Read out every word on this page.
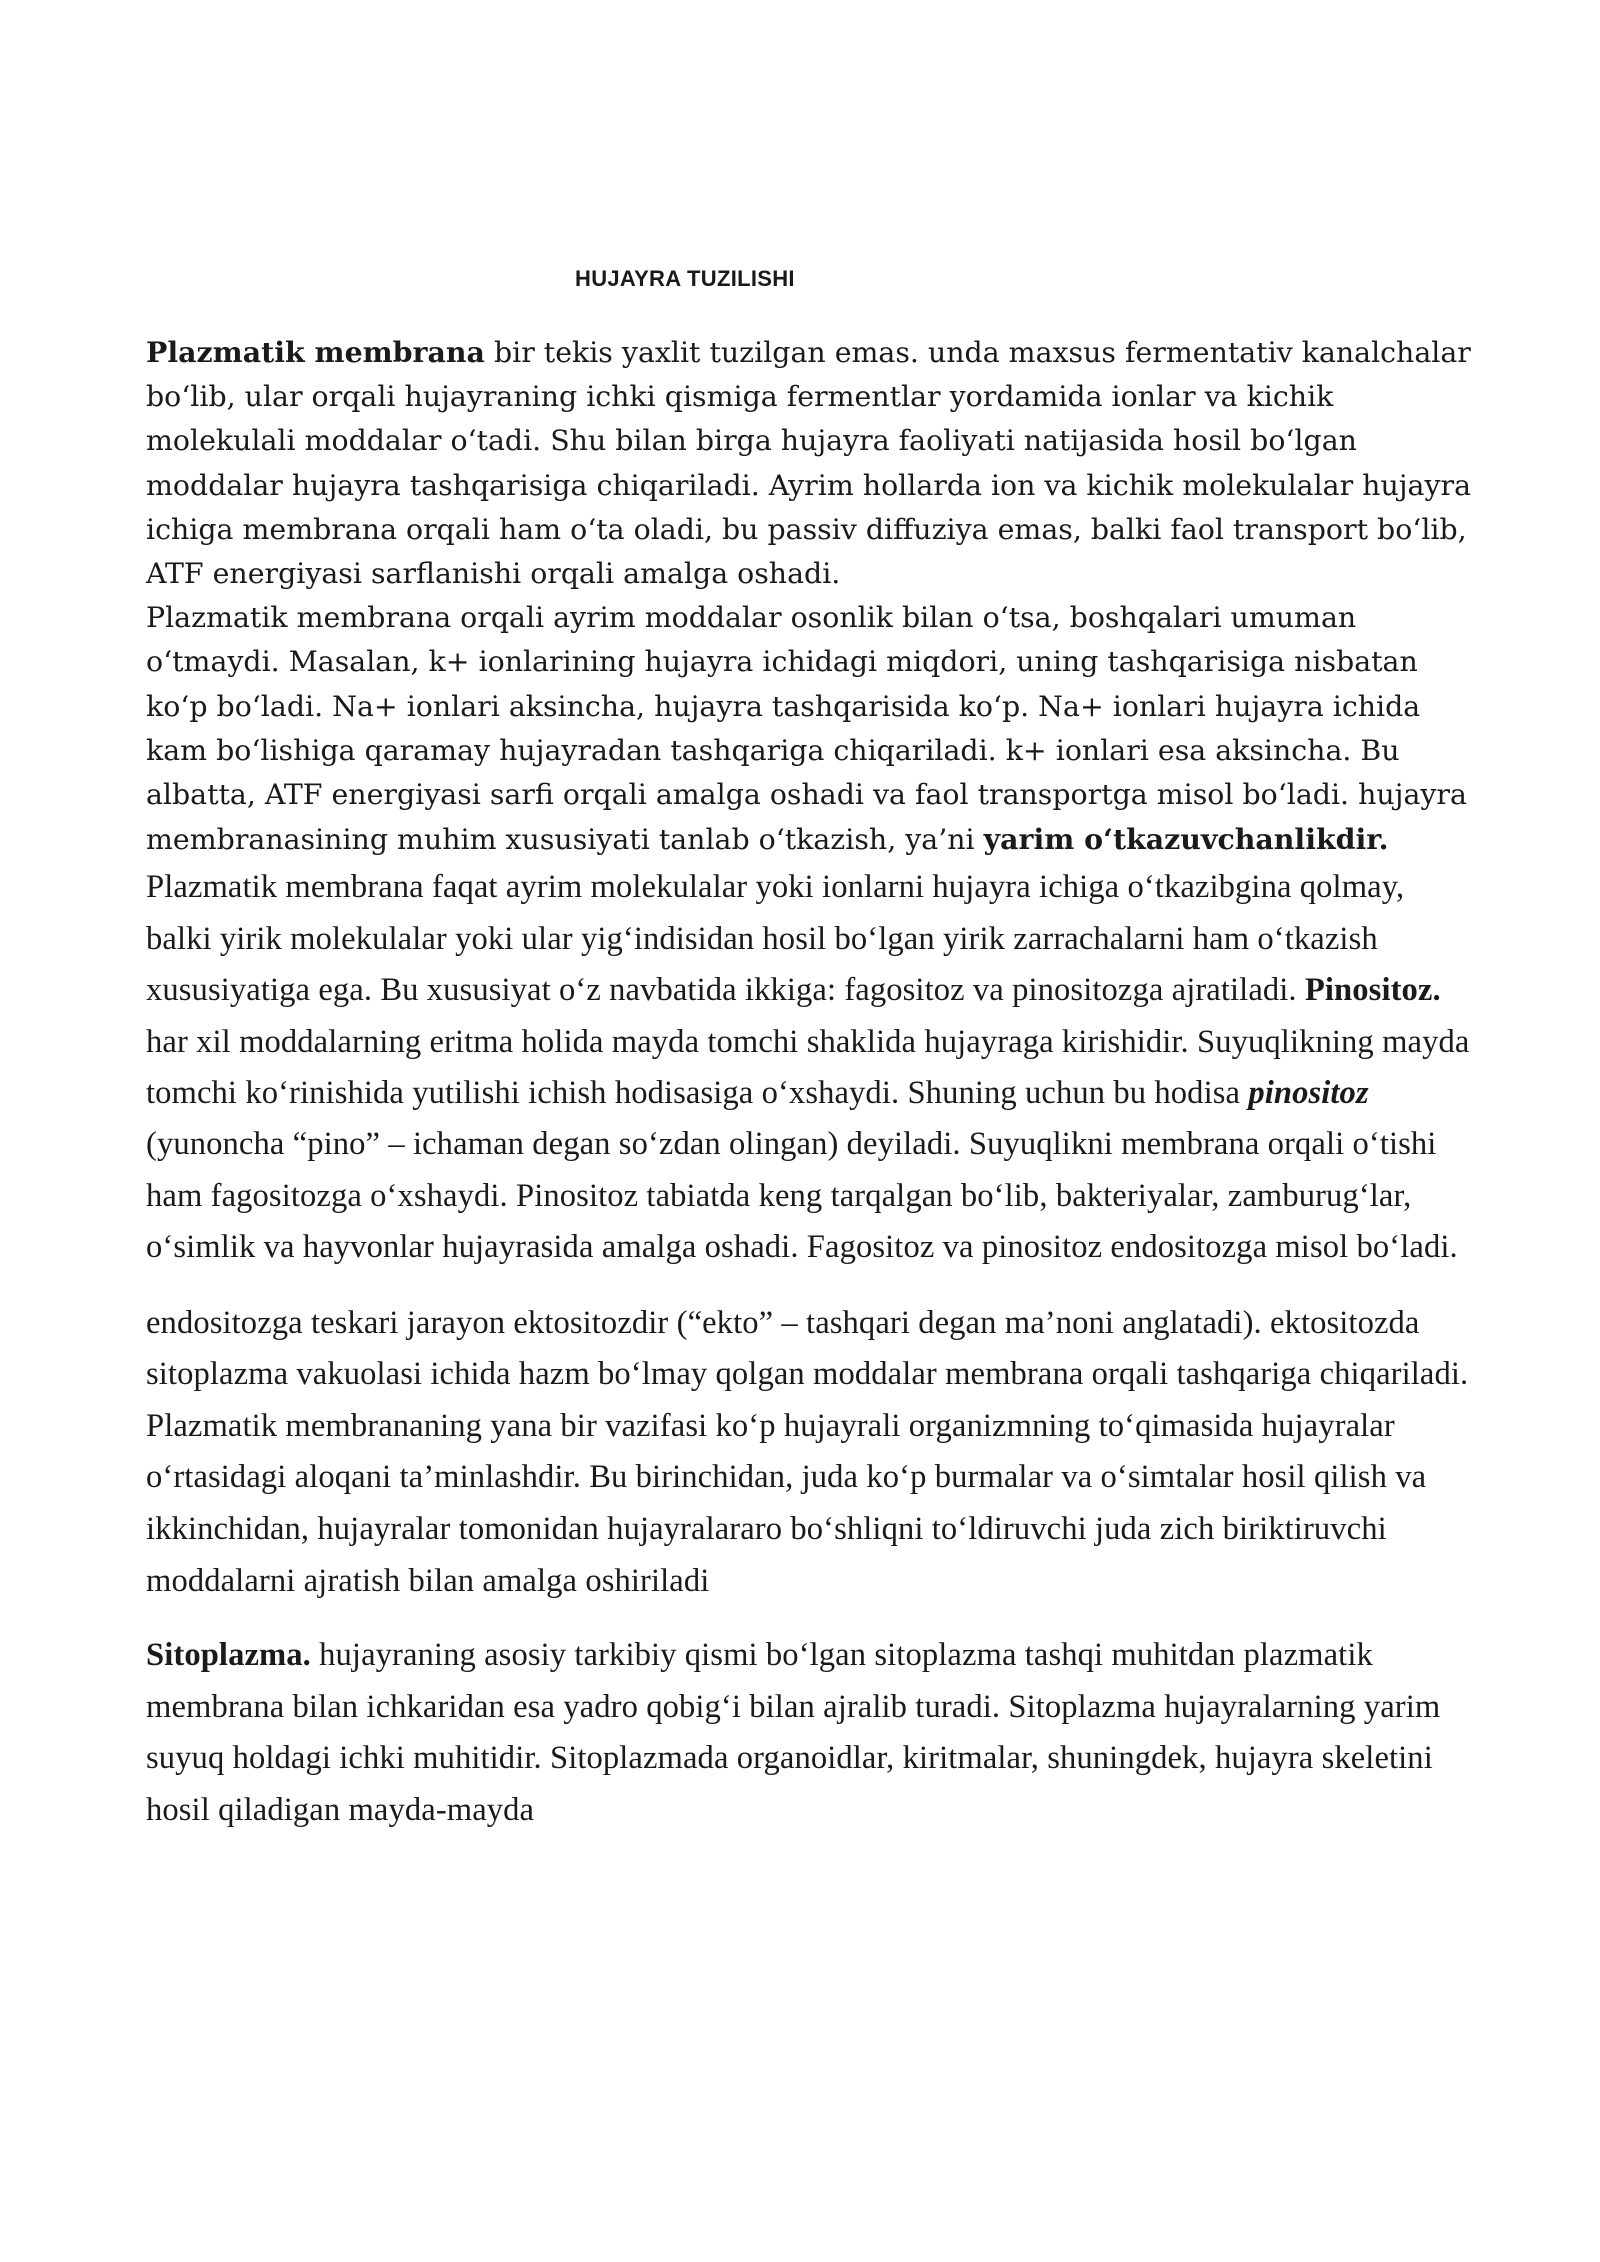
HUJAYRA TUZILISHI

Plazmatik membrana bir tekis yaxlit tuzilgan emas. unda maxsus fermentativ kanalchalar bo‘lib, ular orqali hujayraning ichki qismiga fermentlar yordamida ionlar va kichik molekulali moddalar o‘tadi. Shu bilan birga hujayra faoliyati natijasida hosil bo‘lgan moddalar hujayra tashqarisiga chiqariladi. Ayrim hollarda ion va kichik molekulalar hujayra ichiga membrana orqali ham o‘ta oladi, bu passiv diffuziya emas, balki faol transport bo‘lib, ATF energiyasi sarflanishi orqali amalga oshadi.

Plazmatik membrana orqali ayrim moddalar osonlik bilan o‘tsa, boshqalari umuman o‘tmaydi. Masalan, k+ ionlarining hujayra ichidagi miqdori, uning tashqarisiga nisbatan ko‘p bo‘ladi. Na+ ionlari aksincha, hujayra tashqarisida ko‘p. Na+ ionlari hujayra ichida kam bo‘lishiga qaramay hujayradan tashqariga chiqariladi. k+ ionlari esa aksincha. Bu albatta, ATF energiyasi sarfi orqali amalga oshadi va faol transportga misol bo‘ladi. hujayra membranasining muhim xususiyati tanlab o‘tkazish, ya’ni yarim o‘tkazuvchanlikdir.

Plazmatik membrana faqat ayrim molekulalar yoki ionlarni hujayra ichiga o‘tkazibgina qolmay, balki yirik molekulalar yoki ular yig‘indisidan hosil bo‘lgan yirik zarrachalarni ham o‘tkazish xususiyatiga ega. Bu xususiyat o‘z navbatida ikkiga: fagositoz va pinositozga ajratiladi. Pinositoz. har xil moddalarning eritma holida mayda tomchi shaklida hujayraga kirishidir. Suyuqlikning mayda tomchi ko‘rinishida yutilishi ichish hodisasiga o‘xshaydi. Shuning uchun bu hodisa pinositoz (yunoncha “pino” – ichaman degan so‘zdan olingan) deyiladi. Suyuqlikni membrana orqali o‘tishi ham fagositozga o‘xshaydi. Pinositoz tabiatda keng tarqalgan bo‘lib, bakteriyalar, zamburug‘lar, o‘simlik va hayvonlar hujayrasida amalga oshadi. Fagositoz va pinositoz endositozga misol bo‘ladi.

endositozga teskari jarayon ektositozdir (“ekto” – tashqari degan ma’noni anglatadi). ektositozda sitoplazma vakuolasi ichida hazm bo‘lmay qolgan moddalar membrana orqali tashqariga chiqariladi. Plazmatik membrananing yana bir vazifasi ko‘p hujayrali organizmning to‘qimasida hujayralar o‘rtasidagi aloqani ta’minlashdir. Bu birinchidan, juda ko‘p burmalar va o‘simtalar hosil qilish va ikkinchidan, hujayralar tomonidan hujayralararo bo‘shliqni to‘ldiruvchi juda zich biriktiruvchi moddalarni ajratish bilan amalga oshiriladi

Sitoplazma. hujayraning asosiy tarkibiy qismi bo‘lgan sitoplazma tashqi muhitdan plazmatik membrana bilan ichkaridan esa yadro qobig‘i bilan ajralib turadi. Sitoplazma hujayralarning yarim suyuq holdagi ichki muhitidir. Sitoplazmada organoidlar, kiritmalar, shuningdek, hujayra skeletini hosil qiladigan mayda-mayda
